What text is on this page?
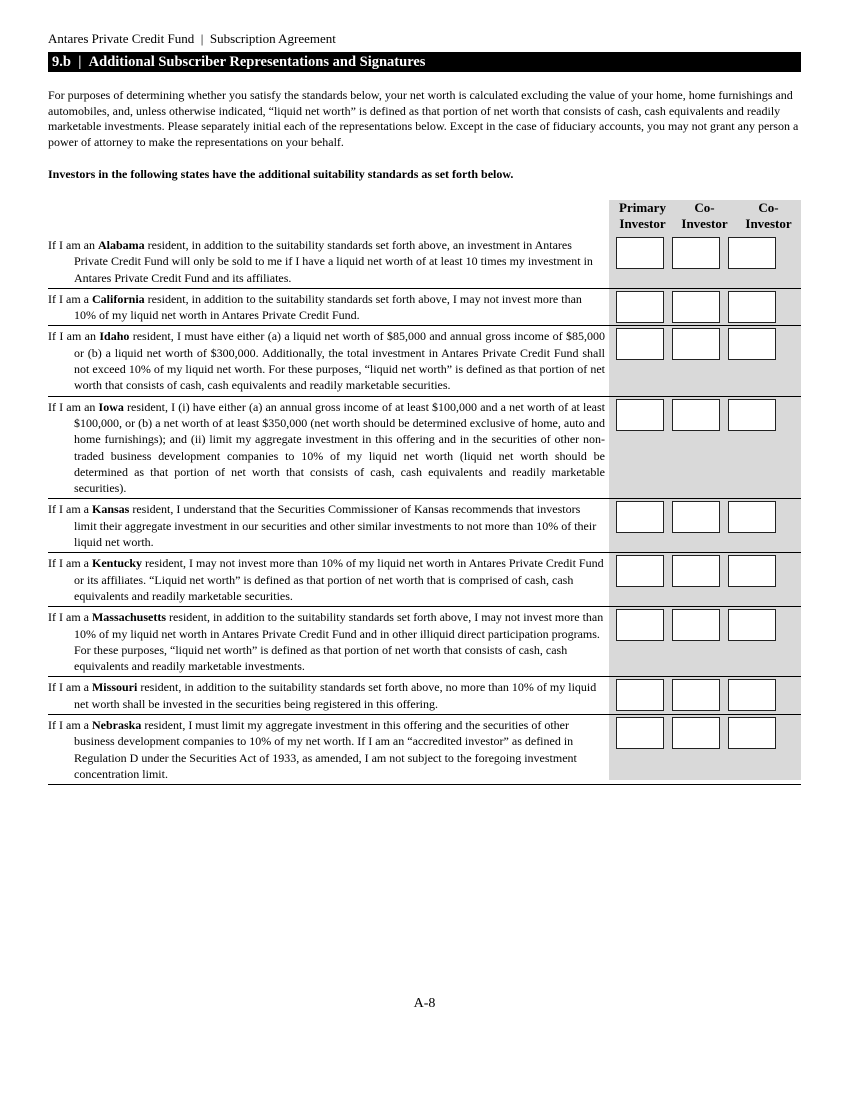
Antares Private Credit Fund | Subscription Agreement
9.b | Additional Subscriber Representations and Signatures

For purposes of determining whether you satisfy the standards below, your net worth is calculated excluding the value of your home, home furnishings and automobiles, and, unless otherwise indicated, “liquid net worth” is defined as that portion of net worth that consists of cash, cash equivalents and readily marketable investments. Please separately initial each of the representations below. Except in the case of fiduciary accounts, you may not grant any person a power of attorney to make the representations on your behalf.

Investors in the following states have the additional suitability standards as set forth below.

Primary Investor
Co-Investor
Co-Investor
If I am an Alabama resident, in addition to the suitability standards set forth above, an investment in Antares Private Credit Fund will only be sold to me if I have a liquid net worth of at least 10 times my investment in Antares Private Credit Fund and its affiliates.
If I am a California resident, in addition to the suitability standards set forth above, I may not invest more than 10% of my liquid net worth in Antares Private Credit Fund.
If I am an Idaho resident, I must have either (a) a liquid net worth of $85,000 and annual gross income of $85,000 or (b) a liquid net worth of $300,000. Additionally, the total investment in Antares Private Credit Fund shall not exceed 10% of my liquid net worth. For these purposes, “liquid net worth” is defined as that portion of net worth that consists of cash, cash equivalents and readily marketable securities.
If I am an Iowa resident, I (i) have either (a) an annual gross income of at least $100,000 and a net worth of at least $100,000, or (b) a net worth of at least $350,000 (net worth should be determined exclusive of home, auto and home furnishings); and (ii) limit my aggregate investment in this offering and in the securities of other non-traded business development companies to 10% of my liquid net worth (liquid net worth should be determined as that portion of net worth that consists of cash, cash equivalents and readily marketable securities).
If I am a Kansas resident, I understand that the Securities Commissioner of Kansas recommends that investors limit their aggregate investment in our securities and other similar investments to not more than 10% of their liquid net worth.
If I am a Kentucky resident, I may not invest more than 10% of my liquid net worth in Antares Private Credit Fund or its affiliates. “Liquid net worth” is defined as that portion of net worth that is comprised of cash, cash equivalents and readily marketable securities.
If I am a Massachusetts resident, in addition to the suitability standards set forth above, I may not invest more than 10% of my liquid net worth in Antares Private Credit Fund and in other illiquid direct participation programs. For these purposes, “liquid net worth” is defined as that portion of net worth that consists of cash, cash equivalents and readily marketable investments.
If I am a Missouri resident, in addition to the suitability standards set forth above, no more than 10% of my liquid net worth shall be invested in the securities being registered in this offering.
If I am a Nebraska resident, I must limit my aggregate investment in this offering and the securities of other business development companies to 10% of my net worth. If I am an “accredited investor” as defined in Regulation D under the Securities Act of 1933, as amended, I am not subject to the foregoing investment concentration limit.
A-8
